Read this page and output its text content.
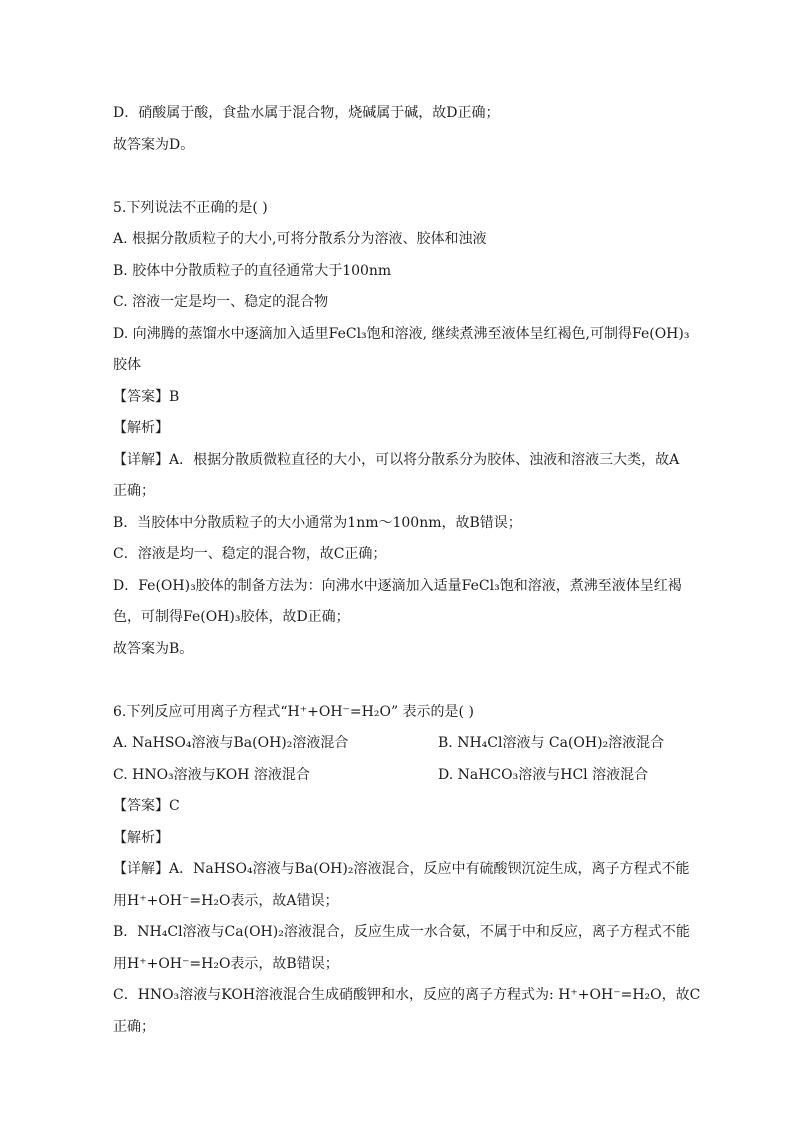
D．硝酸属于酸，食盐水属于混合物，烧碱属于碱，故D正确；
故答案为D。
5.下列说法不正确的是( )
A. 根据分散质粒子的大小,可将分散系分为溶液、胶体和浊液
B. 胶体中分散质粒子的直径通常大于100nm
C. 溶液一定是均一、稳定的混合物
D. 向沸腾的蒸馏水中逐滴加入适里FeCl₃饱和溶液, 继续煮沸至液体呈红褐色,可制得Fe(OH)₃
胶体
【答案】B
【解析】
【详解】A．根据分散质微粒直径的大小，可以将分散系分为胶体、浊液和溶液三大类，故A
正确；
B．当胶体中分散质粒子的大小通常为1nm～100nm，故B错误；
C．溶液是均一、稳定的混合物，故C正确；
D．Fe(OH)₃胶体的制备方法为：向沸水中逐滴加入适量FeCl₃饱和溶液，煮沸至液体呈红褐
色，可制得Fe(OH)₃胶体，故D正确；
故答案为B。
6.下列反应可用离子方程式“H⁺+OH⁻=H₂O” 表示的是( )
A. NaHSO₄溶液与Ba(OH)₂溶液混合	B. NH₄Cl溶液与 Ca(OH)₂溶液混合
C. HNO₃溶液与KOH 溶液混合	D. NaHCO₃溶液与HCl 溶液混合
【答案】C
【解析】
【详解】A．NaHSO₄溶液与Ba(OH)₂溶液混合，反应中有硫酸钡沉淀生成，离子方程式不能
用H⁺+OH⁻=H₂O表示，故A错误；
B．NH₄Cl溶液与Ca(OH)₂溶液混合，反应生成一水合氨，不属于中和反应，离子方程式不能
用H⁺+OH⁻=H₂O表示，故B错误；
C．HNO₃溶液与KOH溶液混合生成硝酸钾和水，反应的离子方程式为: H⁺+OH⁻=H₂O，故C
正确；
